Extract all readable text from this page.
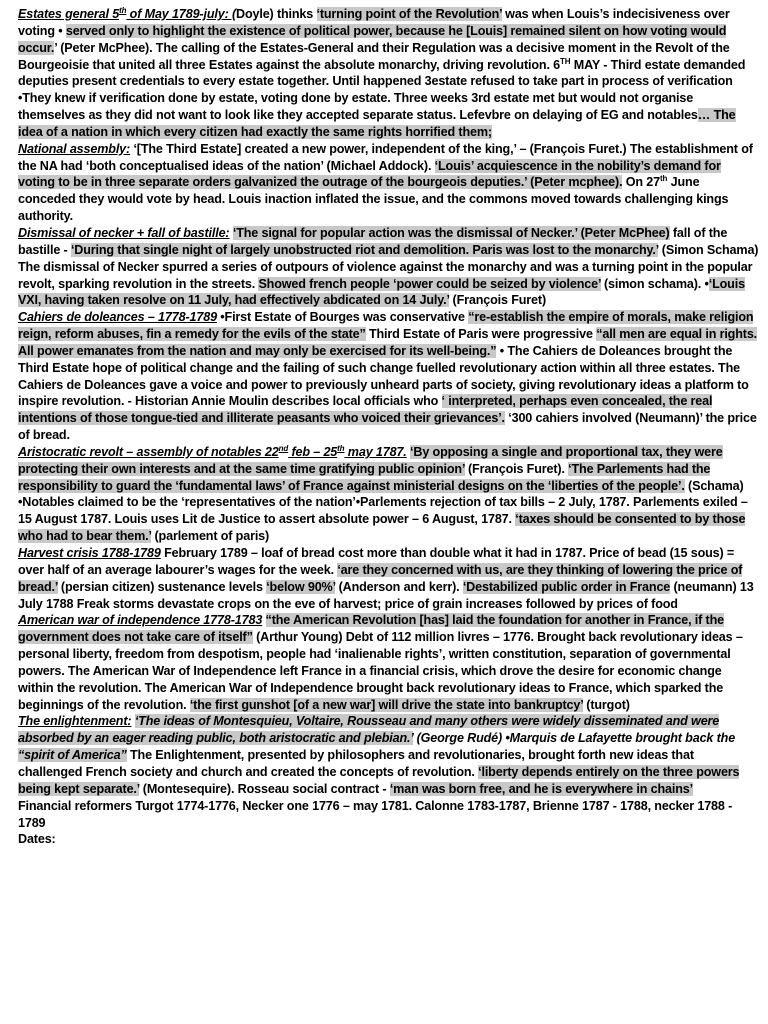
Estates general 5th of May 1789-july: (Doyle) thinks ‘turning point of the Revolution’ was when Louis’s indecisiveness over voting • served only to highlight the existence of political power, because he [Louis] remained silent on how voting would occur.’ (Peter McPhee). The calling of the Estates-General and their Regulation was a decisive moment in the Revolt of the Bourgeoisie that united all three Estates against the absolute monarchy, driving revolution. 6TH MAY - Third estate demanded deputies present credentials to every estate together. Until happened 3estate refused to take part in process of verification •They knew if verification done by estate, voting done by estate. Three weeks 3rd estate met but would not organise themselves as they did not want to look like they accepted separate status. Lefevbre on delaying of EG and notables… The idea of a nation in which every citizen had exactly the same rights horrified them;

National assembly: ‘[The Third Estate] created a new power, independent of the king,’ – (François Furet.) The establishment of the NA had ‘both conceptualised ideas of the nation’ (Michael Addock). ‘Louis’ acquiescence in the nobility’s demand for voting to be in three separate orders galvanized the outrage of the bourgeois deputies.’ (Peter mcphee). On 27th June conceded they would vote by head. Louis inaction inflated the issue, and the commons moved towards challenging kings authority.

Dismissal of necker + fall of bastille: ‘The signal for popular action was the dismissal of Necker.’ (Peter McPhee) fall of the bastille - ‘During that single night of largely unobstructed riot and demolition. Paris was lost to the monarchy.’ (Simon Schama) The dismissal of Necker spurred a series of outpours of violence against the monarchy and was a turning point in the popular revolt, sparking revolution in the streets. Showed french people ‘power could be seized by violence’ (simon schama). •‘Louis VXI, having taken resolve on 11 July, had effectively abdicated on 14 July.’ (François Furet)

Cahiers de doleances – 1778-1789 •First Estate of Bourges was conservative “re-establish the empire of morals, make religion reign, reform abuses, fin a remedy for the evils of the state” Third Estate of Paris were progressive “all men are equal in rights. All power emanates from the nation and may only be exercised for its well-being.” • The Cahiers de Doleances brought the Third Estate hope of political change and the failing of such change fuelled revolutionary action within all three estates. The Cahiers de Doleances gave a voice and power to previously unheard parts of society, giving revolutionary ideas a platform to inspire revolution. - Historian Annie Moulin describes local officials who ‘ interpreted, perhaps even concealed, the real intentions of those tongue-tied and illiterate peasants who voiced their grievances’. ‘300 cahiers involved (Neumann)’ the price of bread.

Aristocratic revolt – assembly of notables 22nd feb – 25th may 1787. ‘By opposing a single and proportional tax, they were protecting their own interests and at the same time gratifying public opinion’ (François Furet). ‘The Parlements had the responsibility to guard the ‘fundamental laws’ of France against ministerial designs on the ‘liberties of the people’. (Schama) •Notables claimed to be the ‘representatives of the nation’•Parlements rejection of tax bills – 2 July, 1787. Parlements exiled – 15 August 1787. Louis uses Lit de Justice to assert absolute power – 6 August, 1787. ‘taxes should be consented to by those who had to bear them.’ (parlement of paris)

Harvest crisis 1788-1789 February 1789 – loaf of bread cost more than double what it had in 1787. Price of bead (15 sous) = over half of an average labourer’s wages for the week. ‘are they concerned with us, are they thinking of lowering the price of bread.’ (persian citizen) sustenance levels ‘below 90%’ (Anderson and kerr). ‘Destabilized public order in France (neumann) 13 July 1788 Freak storms devastate crops on the eve of harvest; price of grain increases followed by prices of food

American war of independence 1778-1783 “the American Revolution [has] laid the foundation for another in France, if the government does not take care of itself” (Arthur Young) Debt of 112 million livres – 1776. Brought back revolutionary ideas – personal liberty, freedom from despotism, people had ‘inalienable rights’, written constitution, separation of governmental powers. The American War of Independence left France in a financial crisis, which drove the desire for economic change within the revolution. The American War of Independence brought back revolutionary ideas to France, which sparked the beginnings of the revolution. ‘the first gunshot [of a new war] will drive the state into bankruptcy’ (turgot)

The enlightenment: ‘The ideas of Montesquieu, Voltaire, Rousseau and many others were widely disseminated and were absorbed by an eager reading public, both aristocratic and plebian.’ (George Rudé) •Marquis de Lafayette brought back the “spirit of America” The Enlightenment, presented by philosophers and revolutionaries, brought forth new ideas that challenged French society and church and created the concepts of revolution. ‘liberty depends entirely on the three powers being kept separate.’ (Montesequire). Rosseau social contract - ‘man was born free, and he is everywhere in chains’

Financial reformers Turgot 1774-1776, Necker one 1776 – may 1781. Calonne 1783-1787, Brienne 1787 - 1788, necker 1788 - 1789

Dates:
